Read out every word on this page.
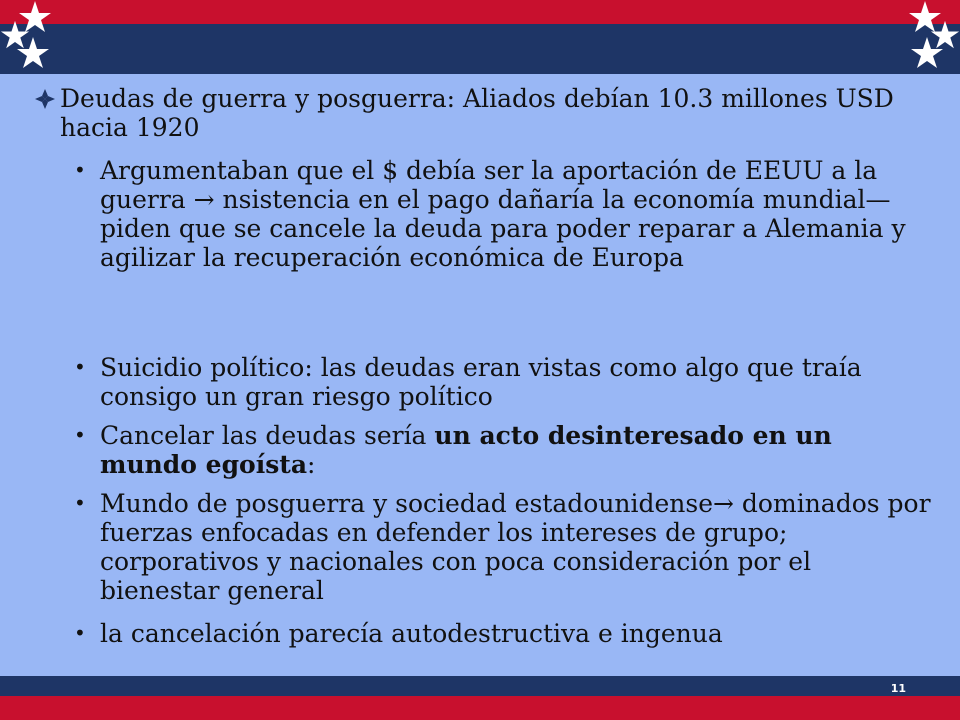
Deudas de guerra y posguerra: Aliados debían 10.3 millones USD hacia 1920
• Argumentaban que el $ debía ser la aportación de EEUU a la guerra → nsistencia en el pago dañaría la economía mundial—piden que se cancele la deuda para poder reparar a Alemania y agilizar la recuperación económica de Europa
• Suicidio político: las deudas eran vistas como algo que traía consigo un gran riesgo político
• Cancelar las deudas sería un acto desinteresado en un mundo egoísta:
• Mundo de posguerra y sociedad estadounidense→ dominados por fuerzas enfocadas en defender los intereses de grupo; corporativos y nacionales con poca consideración por el bienestar general
• la cancelación parecía autodestructiva e ingenua
11
